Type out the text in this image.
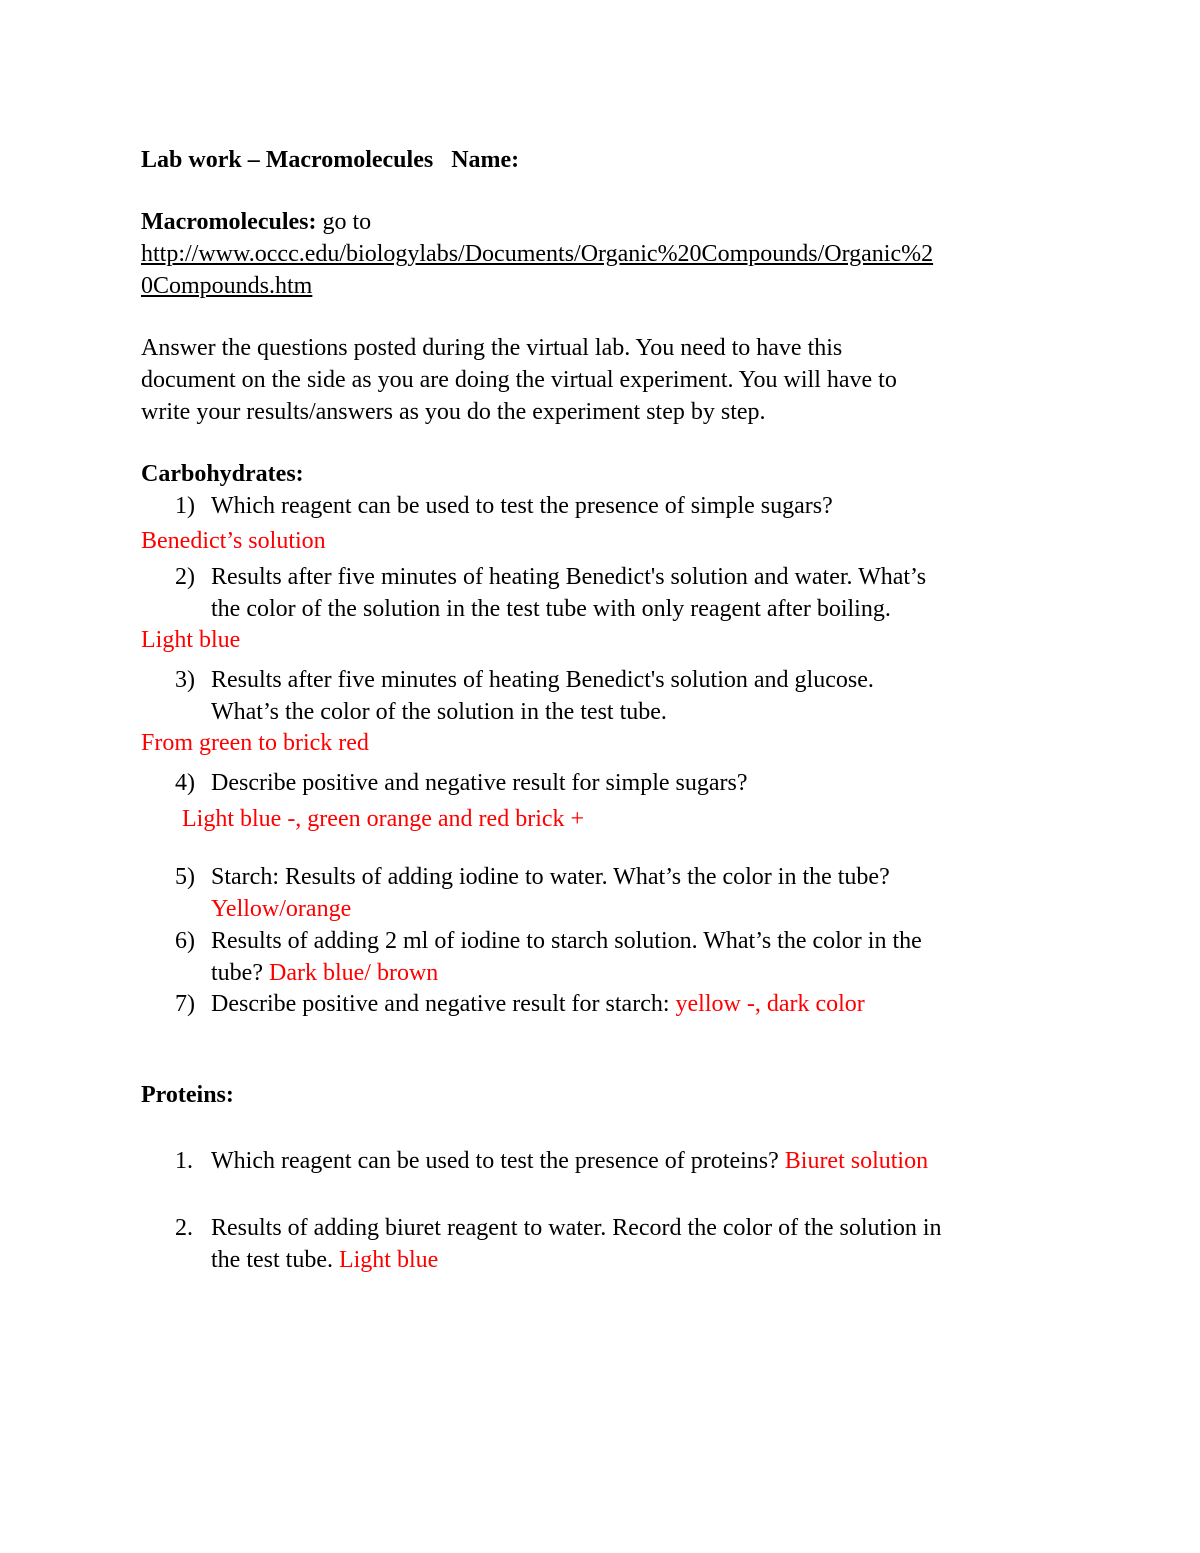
Lab work – Macromolecules Name:
Macromolecules: go to
http://www.occc.edu/biologylabs/Documents/Organic%20Compounds/Organic%2
0Compounds.htm
Answer the questions posted during the virtual lab. You need to have this
document on the side as you are doing the virtual experiment. You will have to
write your results/answers as you do the experiment step by step.
Carbohydrates:
1) Which reagent can be used to test the presence of simple sugars?
Benedict’s solution
2) Results after five minutes of heating Benedict's solution and water. What’s
the color of the solution in the test tube with only reagent after boiling.
Light blue
3) Results after five minutes of heating Benedict's solution and glucose.
What’s the color of the solution in the test tube.
From green to brick red
4) Describe positive and negative result for simple sugars?
Light blue -, green orange and red brick +
5) Starch: Results of adding iodine to water. What’s the color in the tube?
Yellow/orange
6) Results of adding 2 ml of iodine to starch solution. What’s the color in the
tube? Dark blue/ brown
7) Describe positive and negative result for starch: yellow -, dark color
Proteins:
1. Which reagent can be used to test the presence of proteins? Biuret solution
2. Results of adding biuret reagent to water. Record the color of the solution in
the test tube. Light blue
